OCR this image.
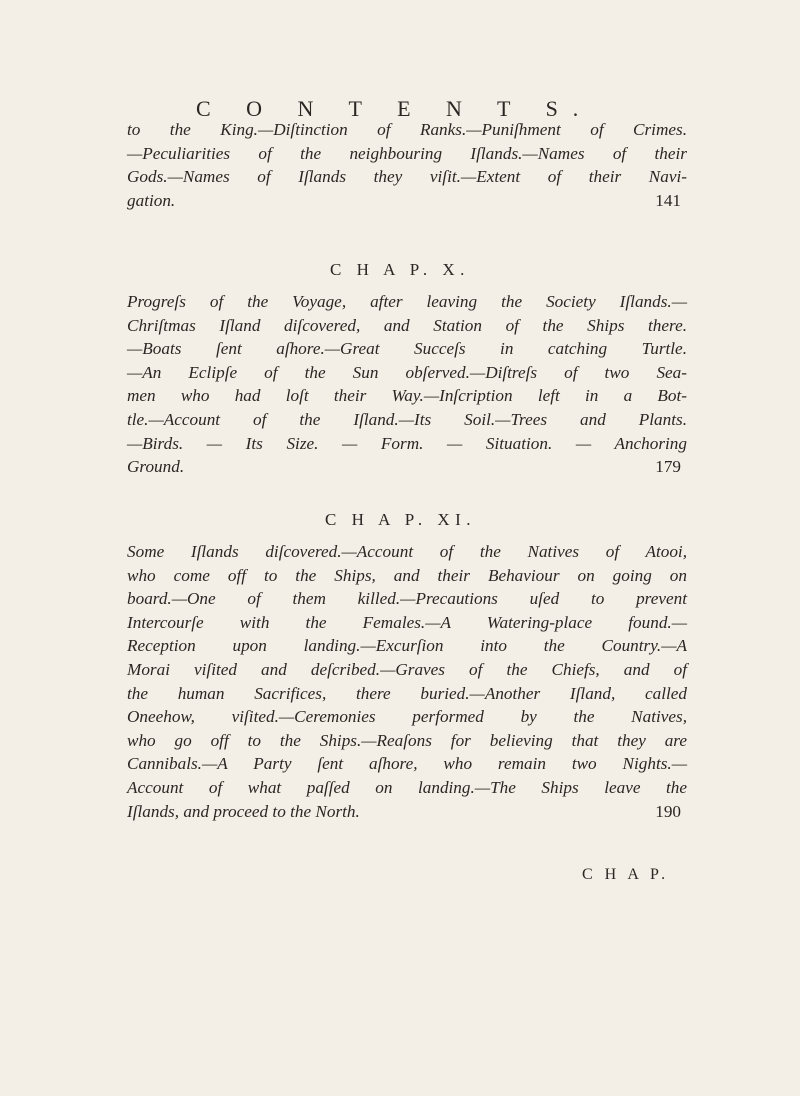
C O N T E N T S.

to the King.—Diſtinction of Ranks.—Puniſhment of Crimes.

—Peculiarities of the neighbouring Iſlands.—Names of their

Gods.—Names of Iſlands they viſit.—Extent of their Navi-

gation.	141

C H A P. X.

Progreſs of the Voyage, after leaving the Society Iſlands.—

Chriſtmas Iſland diſcovered, and Station of the Ships there.

—Boats ſent aſhore.—Great Succeſs in catching Turtle.

—An Eclipſe of the Sun obſerved.—Diſtreſs of two Sea-

men who had loſt their Way.—Inſcription left in a Bot-

tle.—Account of the Iſland.—Its Soil.—Trees and Plants.

—Birds. — Its Size. — Form. — Situation. — Anchoring

Ground.	179

C H A P. XI.

Some Iſlands diſcovered.—Account of the Natives of Atooi,

who come off to the Ships, and their Behaviour on going on

board.—One of them killed.—Precautions uſed to prevent

Intercourſe with the Females.—A Watering-place found.—

Reception upon landing.—Excurſion into the Country.—A

Morai viſited and deſcribed.—Graves of the Chiefs, and of

the human Sacrifices, there buried.—Another Iſland, called

Oneehow, viſited.—Ceremonies performed by the Natives,

who go off to the Ships.—Reaſons for believing that they are

Cannibals.—A Party ſent aſhore, who remain two Nights.—

Account of what paſſed on landing.—The Ships leave the

Iſlands, and proceed to the North.	190

C H A P.
